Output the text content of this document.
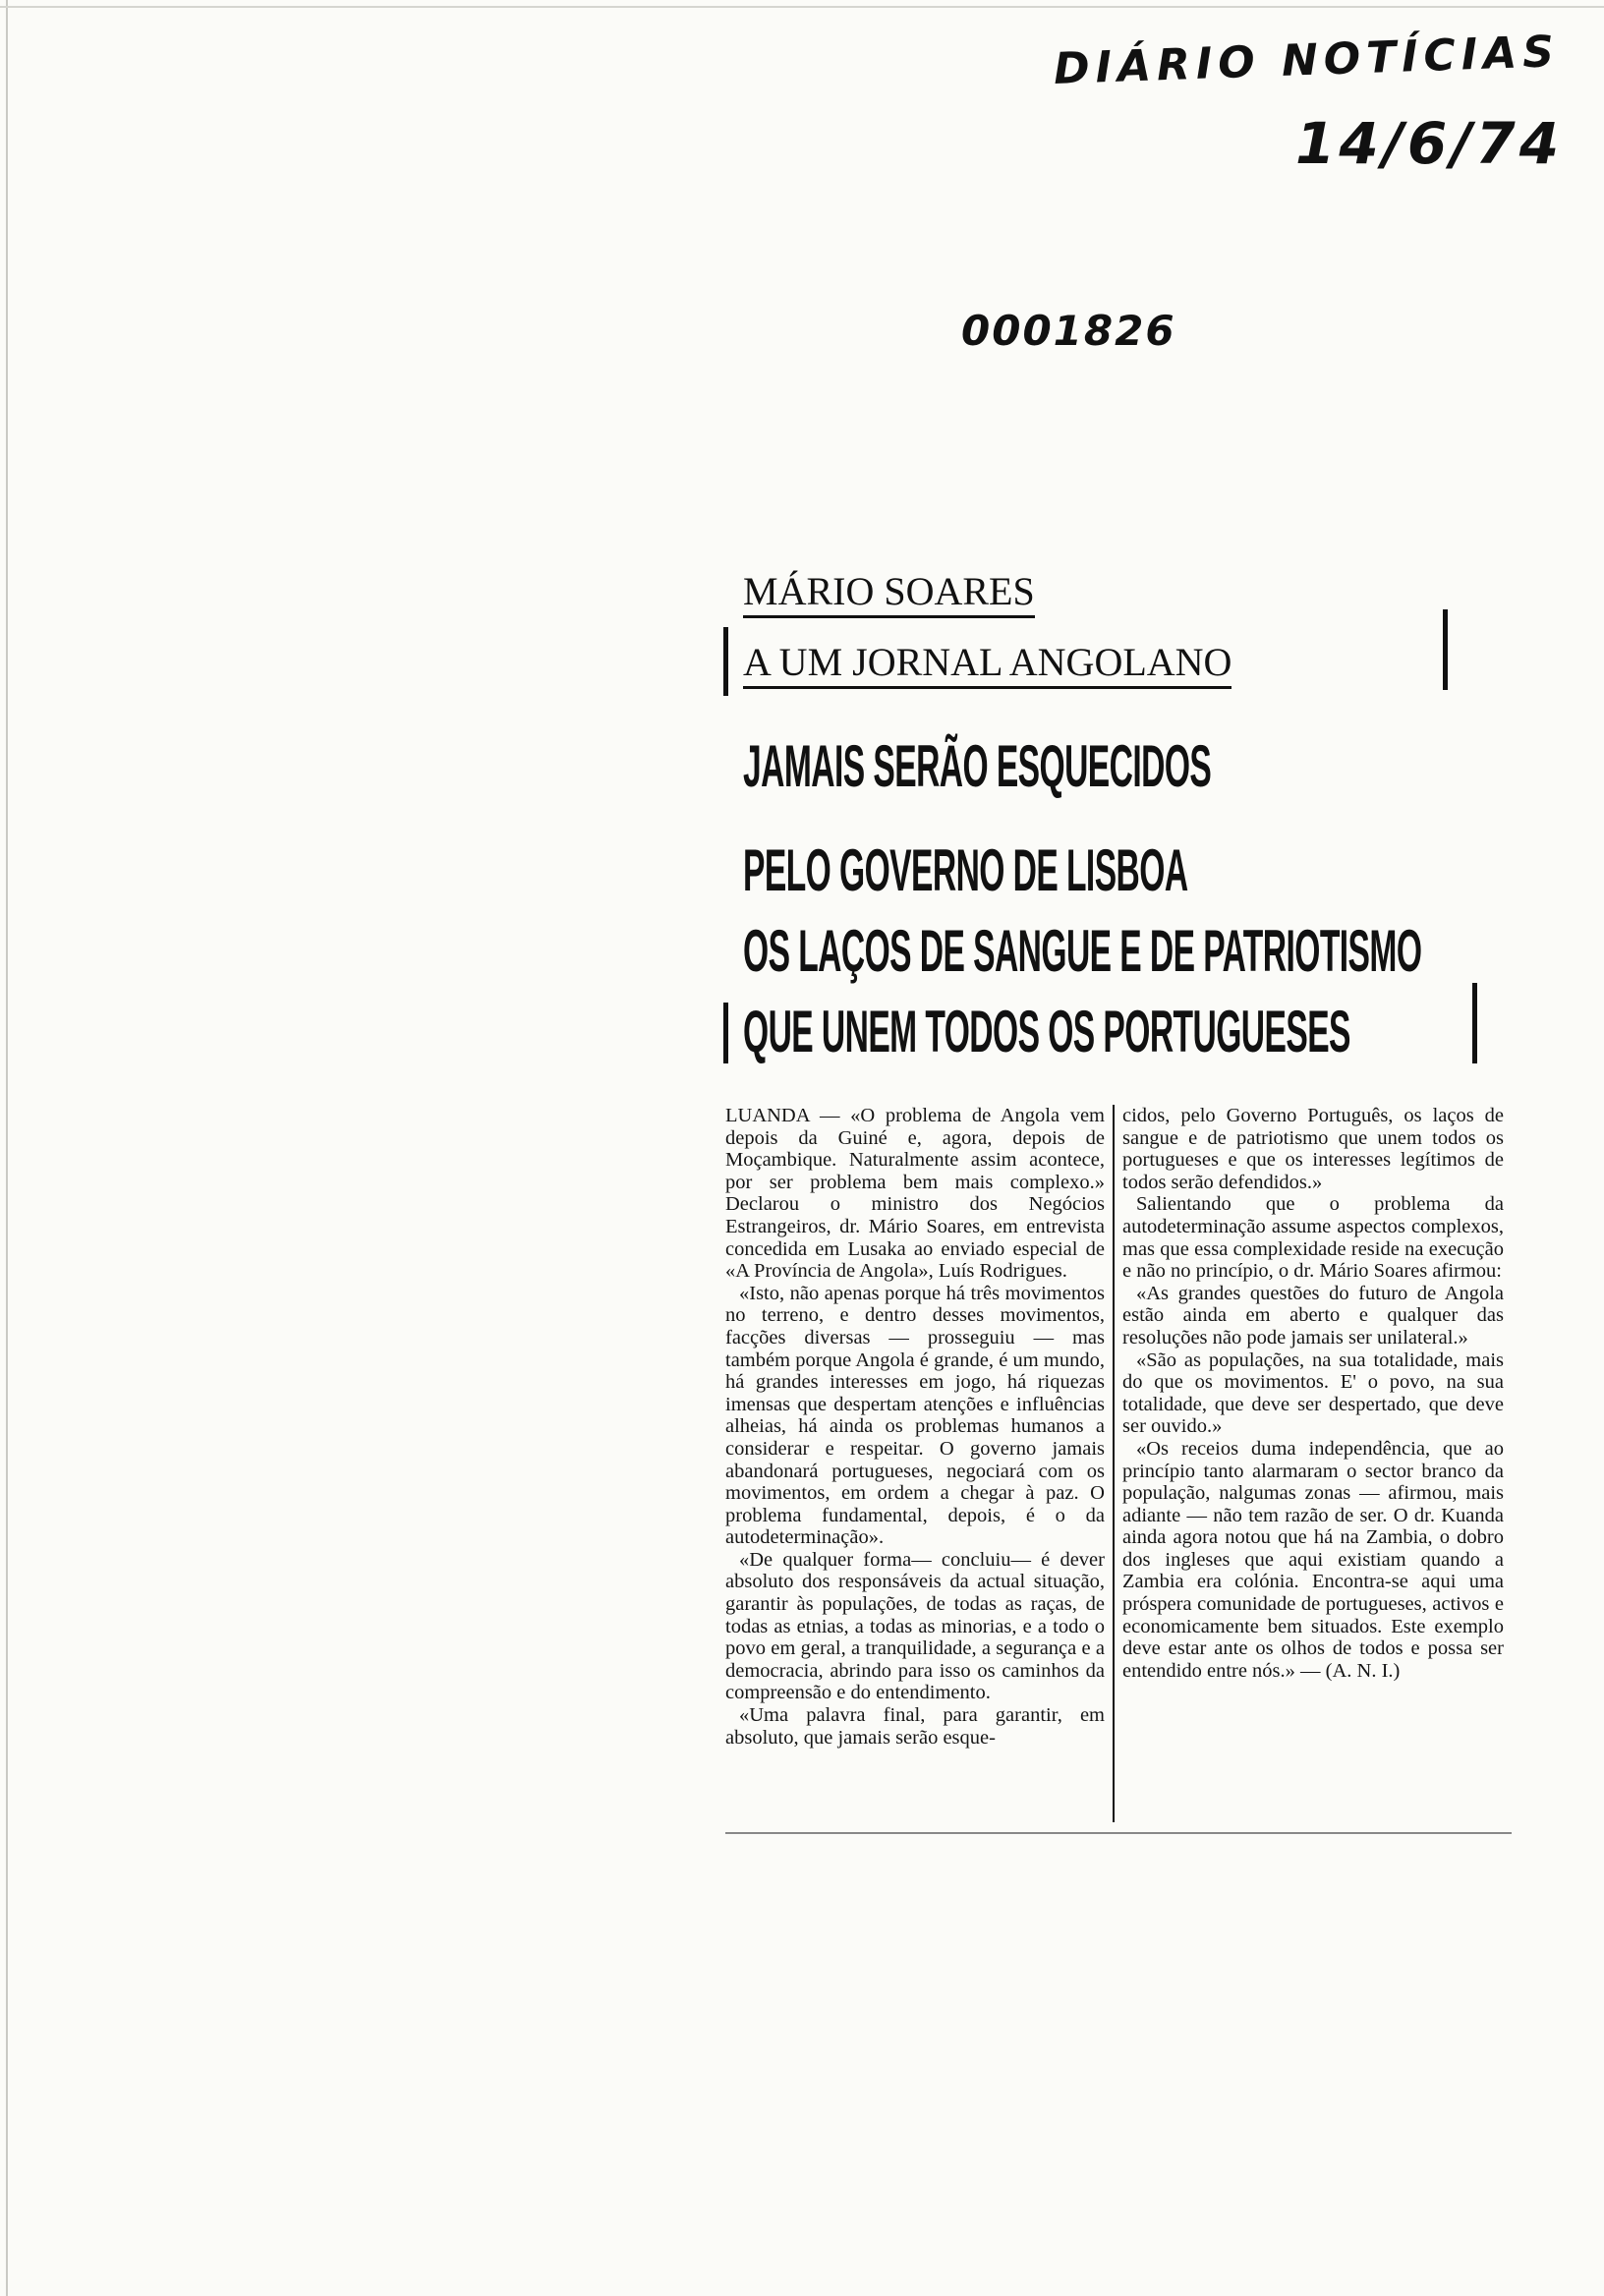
DIÁRIO NOTÍCIAS
14/6/74
0001826
MÁRIO SOARES
A UM JORNAL ANGOLANO
JAMAIS SERÃO ESQUECIDOS
PELO GOVERNO DE LISBOA
OS LAÇOS DE SANGUE E DE PATRIOTISMO
QUE UNEM TODOS OS PORTUGUESES

LUANDA — «O problema de Angola vem depois da Guiné e, agora, depois de Moçambique. Naturalmente assim acontece, por ser problema bem mais complexo.» Declarou o ministro dos Negócios Estrangeiros, dr. Mário Soares, em entrevista concedida em Lusaka ao enviado especial de «A Província de Angola», Luís Rodrigues.

«Isto, não apenas porque há três movimentos no terreno, e dentro desses movimentos, facções diversas — prosseguiu — mas também porque Angola é grande, é um mundo, há grandes interesses em jogo, há riquezas imensas que despertam atenções e influências alheias, há ainda os problemas humanos a considerar e respeitar. O governo jamais abandonará portugueses, negociará com os movimentos, em ordem a chegar à paz. O problema fundamental, depois, é o da autodeterminação».

«De qualquer forma— concluiu— é dever absoluto dos responsáveis da actual situação, garantir às populações, de todas as raças, de todas as etnias, a todas as minorias, e a todo o povo em geral, a tranquilidade, a segurança e a democracia, abrindo para isso os caminhos da compreensão e do entendimento.

«Uma palavra final, para garantir, em absoluto, que jamais serão esque-

cidos, pelo Governo Português, os laços de sangue e de patriotismo que unem todos os portugueses e que os interesses legítimos de todos serão defendidos.»

Salientando que o problema da autodeterminação assume aspectos complexos, mas que essa complexidade reside na execução e não no princípio, o dr. Mário Soares afirmou:

«As grandes questões do futuro de Angola estão ainda em aberto e qualquer das resoluções não pode jamais ser unilateral.»

«São as populações, na sua totalidade, mais do que os movimentos. E' o povo, na sua totalidade, que deve ser despertado, que deve ser ouvido.»

«Os receios duma independência, que ao princípio tanto alarmaram o sector branco da população, nalgumas zonas — afirmou, mais adiante — não tem razão de ser. O dr. Kuanda ainda agora notou que há na Zambia, o dobro dos ingleses que aqui existiam quando a Zambia era colónia. Encontra-se aqui uma próspera comunidade de portugueses, activos e economicamente bem situados. Este exemplo deve estar ante os olhos de todos e possa ser entendido entre nós.» — (A. N. I.)
